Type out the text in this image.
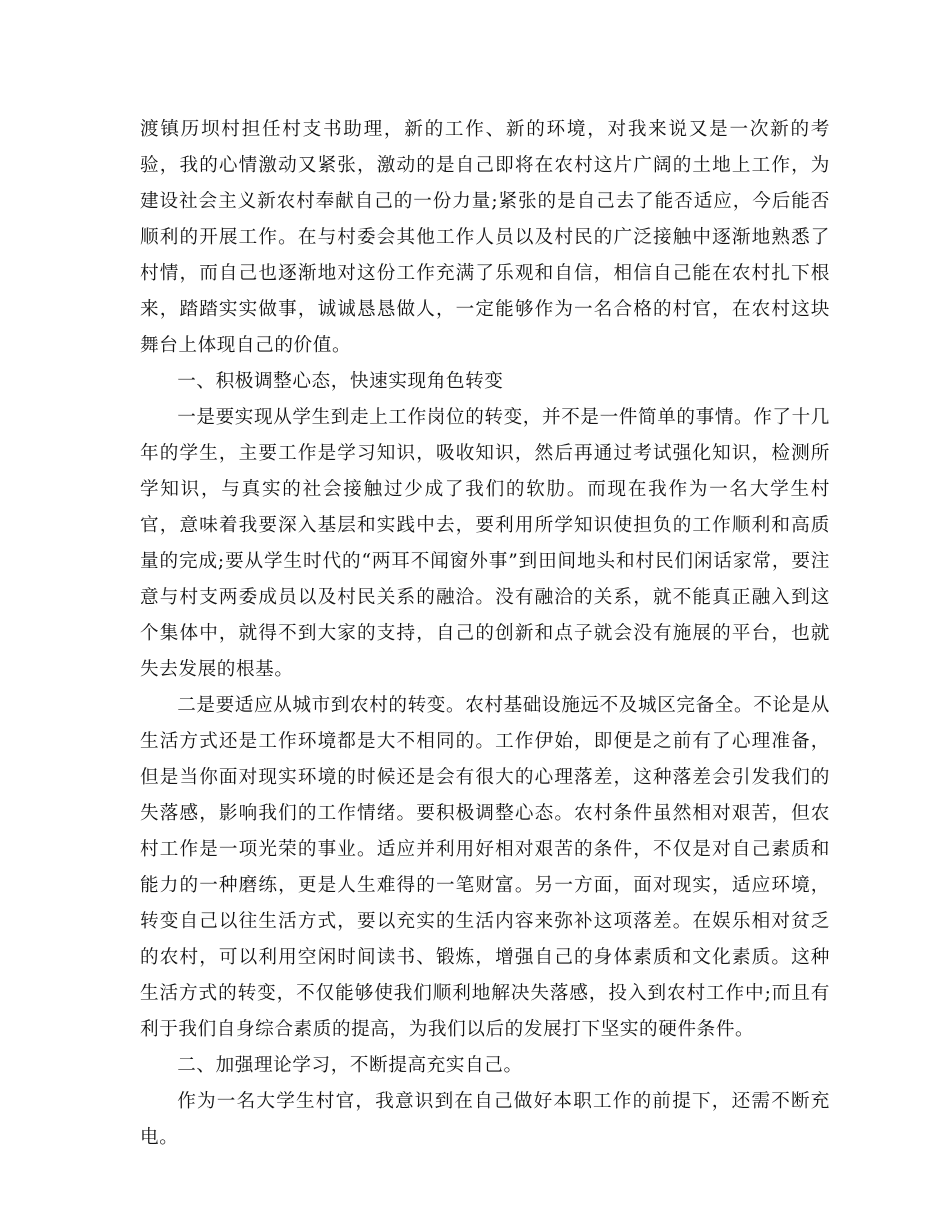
渡镇历坝村担任村支书助理，新的工作、新的环境，对我来说又是一次新的考验，我的心情激动又紧张，激动的是自己即将在农村这片广阔的土地上工作，为建设社会主义新农村奉献自己的一份力量;紧张的是自己去了能否适应，今后能否顺利的开展工作。在与村委会其他工作人员以及村民的广泛接触中逐渐地熟悉了村情，而自己也逐渐地对这份工作充满了乐观和自信，相信自己能在农村扎下根来，踏踏实实做事，诚诚恳恳做人，一定能够作为一名合格的村官，在农村这块舞台上体现自己的价值。

一、积极调整心态，快速实现角色转变

一是要实现从学生到走上工作岗位的转变，并不是一件简单的事情。作了十几年的学生，主要工作是学习知识，吸收知识，然后再通过考试强化知识，检测所学知识，与真实的社会接触过少成了我们的软肋。而现在我作为一名大学生村官，意味着我要深入基层和实践中去，要利用所学知识使担负的工作顺利和高质量的完成;要从学生时代的“两耳不闻窗外事”到田间地头和村民们闲话家常，要注意与村支两委成员以及村民关系的融洽。没有融洽的关系，就不能真正融入到这个集体中，就得不到大家的支持，自己的创新和点子就会没有施展的平台，也就失去发展的根基。

二是要适应从城市到农村的转变。农村基础设施远不及城区完备全。不论是从生活方式还是工作环境都是大不相同的。工作伊始，即便是之前有了心理准备，但是当你面对现实环境的时候还是会有很大的心理落差，这种落差会引发我们的失落感，影响我们的工作情绪。要积极调整心态。农村条件虽然相对艰苦，但农村工作是一项光荣的事业。适应并利用好相对艰苦的条件，不仅是对自己素质和能力的一种磨练，更是人生难得的一笔财富。另一方面，面对现实，适应环境，转变自己以往生活方式，要以充实的生活内容来弥补这项落差。在娱乐相对贫乏的农村，可以利用空闲时间读书、锻炼，增强自己的身体素质和文化素质。这种生活方式的转变，不仅能够使我们顺利地解决失落感，投入到农村工作中;而且有利于我们自身综合素质的提高，为我们以后的发展打下坚实的硬件条件。

二、加强理论学习，不断提高充实自己。

作为一名大学生村官，我意识到在自己做好本职工作的前提下，还需不断充电。
